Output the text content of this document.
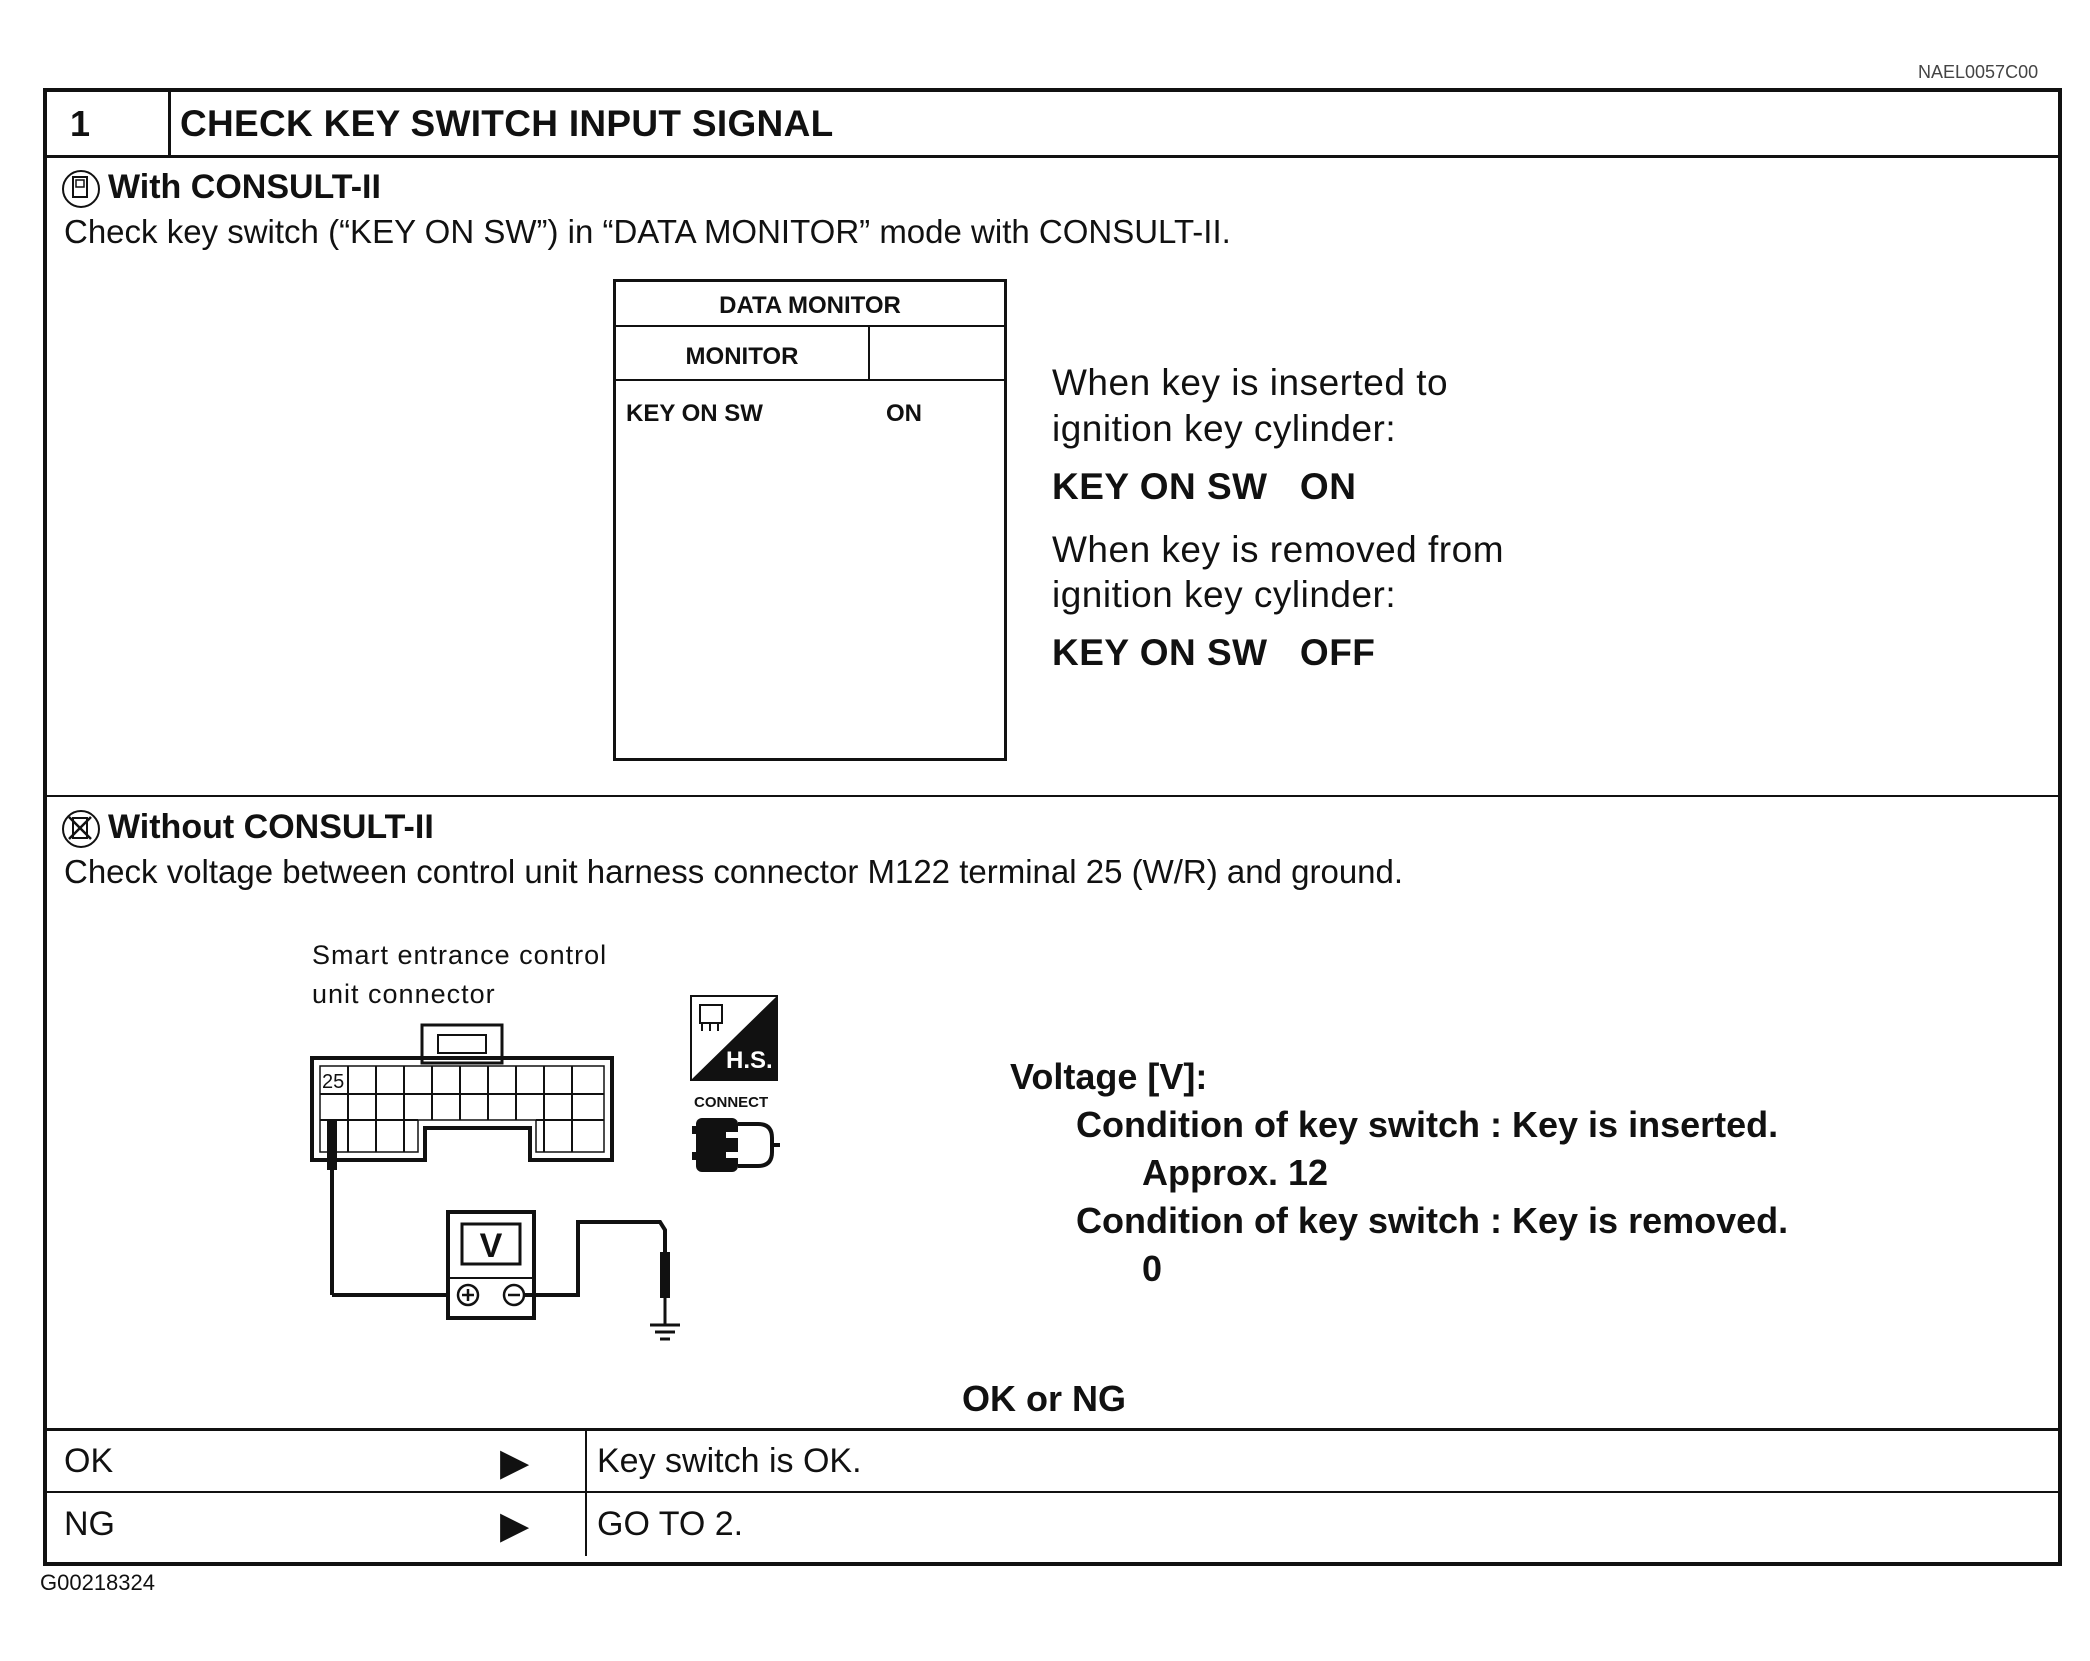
NAEL0057C00
1 CHECK KEY SWITCH INPUT SIGNAL
With CONSULT-II
Check key switch (“KEY ON SW”) in “DATA MONITOR” mode with CONSULT-II.
DATA MONITOR
MONITOR
KEY ON SW	ON
When key is inserted to
ignition key cylinder:
KEY ON SW   ON
When key is removed from
ignition key cylinder:
KEY ON SW   OFF
Without CONSULT-II
Check voltage between control unit harness connector M122 terminal 25 (W/R) and ground.
Smart entrance control
unit connector
25
V
H.S.
CONNECT
Voltage [V]:
Condition of key switch : Key is inserted.
Approx. 12
Condition of key switch : Key is removed.
0
OK or NG
OK	▶ Key switch is OK.
NG	▶ GO TO 2.
G00218324
